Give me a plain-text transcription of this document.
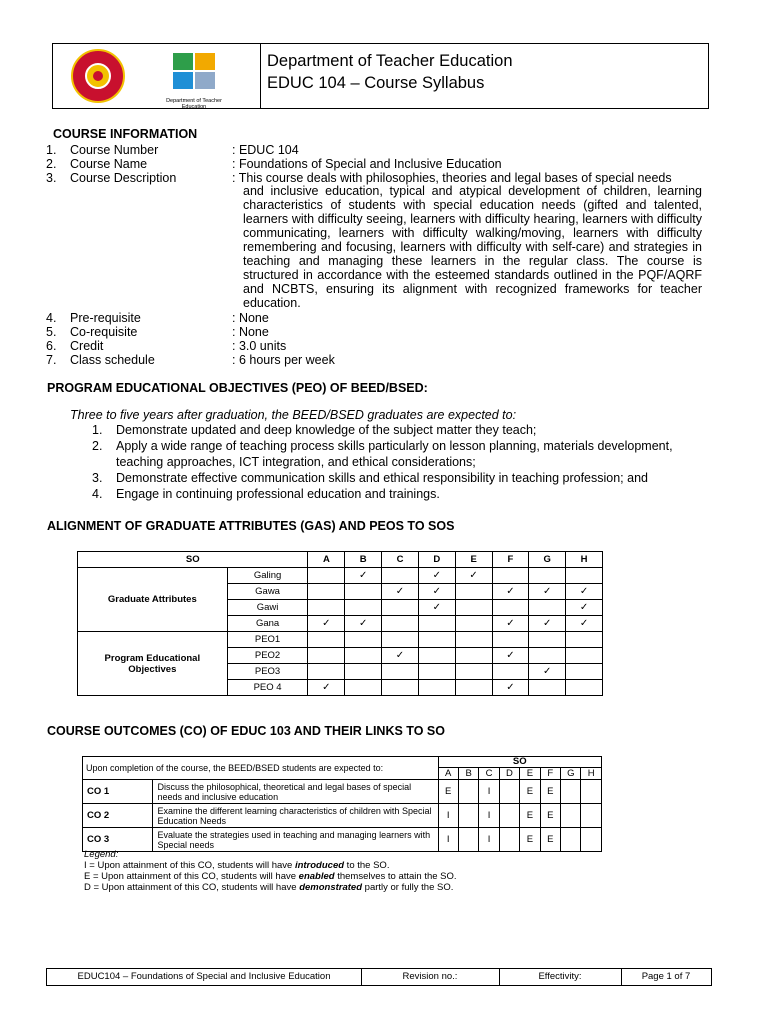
Department of Teacher Education
Department of Teacher Education
EDUC 104 – Course Syllabus
COURSE INFORMATION
1. Course Number	: EDUC 104
2. Course Name	: Foundations of Special and Inclusive Education
3. Course Description	: This course deals with philosophies, theories and legal bases of special needs
4. Pre-requisite	: None
5. Co-requisite	: None
6. Credit	: 3.0 units
7. Class schedule	: 6 hours per week
and inclusive education, typical and atypical development of children, learning characteristics of students with special education needs (gifted and talented, learners with difficulty seeing, learners with difficulty hearing, learners with difficulty communicating, learners with difficulty walking/moving, learners with difficulty remembering and focusing, learners with difficulty with self-care) and strategies in teaching and managing these learners in the regular class. The course is structured in accordance with the esteemed standards outlined in the PQF/AQRF and NCBTS, ensuring its alignment with recognized frameworks for teacher education.
PROGRAM EDUCATIONAL OBJECTIVES (PEO) OF BEED/BSED:
Three to five years after graduation, the BEED/BSED graduates are expected to:
1. Demonstrate updated and deep knowledge of the subject matter they teach;
2. Apply a wide range of teaching process skills particularly on lesson planning, materials development, teaching approaches, ICT integration, and ethical considerations;
3. Demonstrate effective communication skills and ethical responsibility in teaching profession; and
4. Engage in continuing professional education and trainings.
ALIGNMENT OF GRADUATE ATTRIBUTES (GAS) AND PEOS TO SOS
SO		A	B	C	D	E	F	G	H
Graduate Attributes	Galing		✓		✓	✓			
	Gawa			✓	✓		✓	✓	✓
	Gawi				✓				✓
	Gana	✓	✓				✓	✓	✓
Program Educational Objectives	PEO1								
	PEO2			✓			✓		
	PEO3							✓	
	PEO 4	✓					✓		
COURSE OUTCOMES (CO) OF EDUC 103 AND THEIR LINKS TO SO
Upon completion of the course, the BEED/BSED students are expected to:		SO							
		A	B	C	D	E	F	G	H
CO 1	Discuss the philosophical, theoretical and legal bases of special needs and inclusive education	E		I		E	E		
CO 2	Examine the different learning characteristics of children with Special Education Needs	I		I		E	E		
CO 3	Evaluate the strategies used in teaching and managing learners with Special needs	I		I		E	E		
Legend:
I = Upon attainment of this CO, students will have introduced to the SO.
E = Upon attainment of this CO, students will have enabled themselves to attain the SO.
D = Upon attainment of this CO, students will have demonstrated partly or fully the SO.
EDUC104 – Foundations of Special and Inclusive Education	Revision no.:	Effectivity:	Page 1 of 7
